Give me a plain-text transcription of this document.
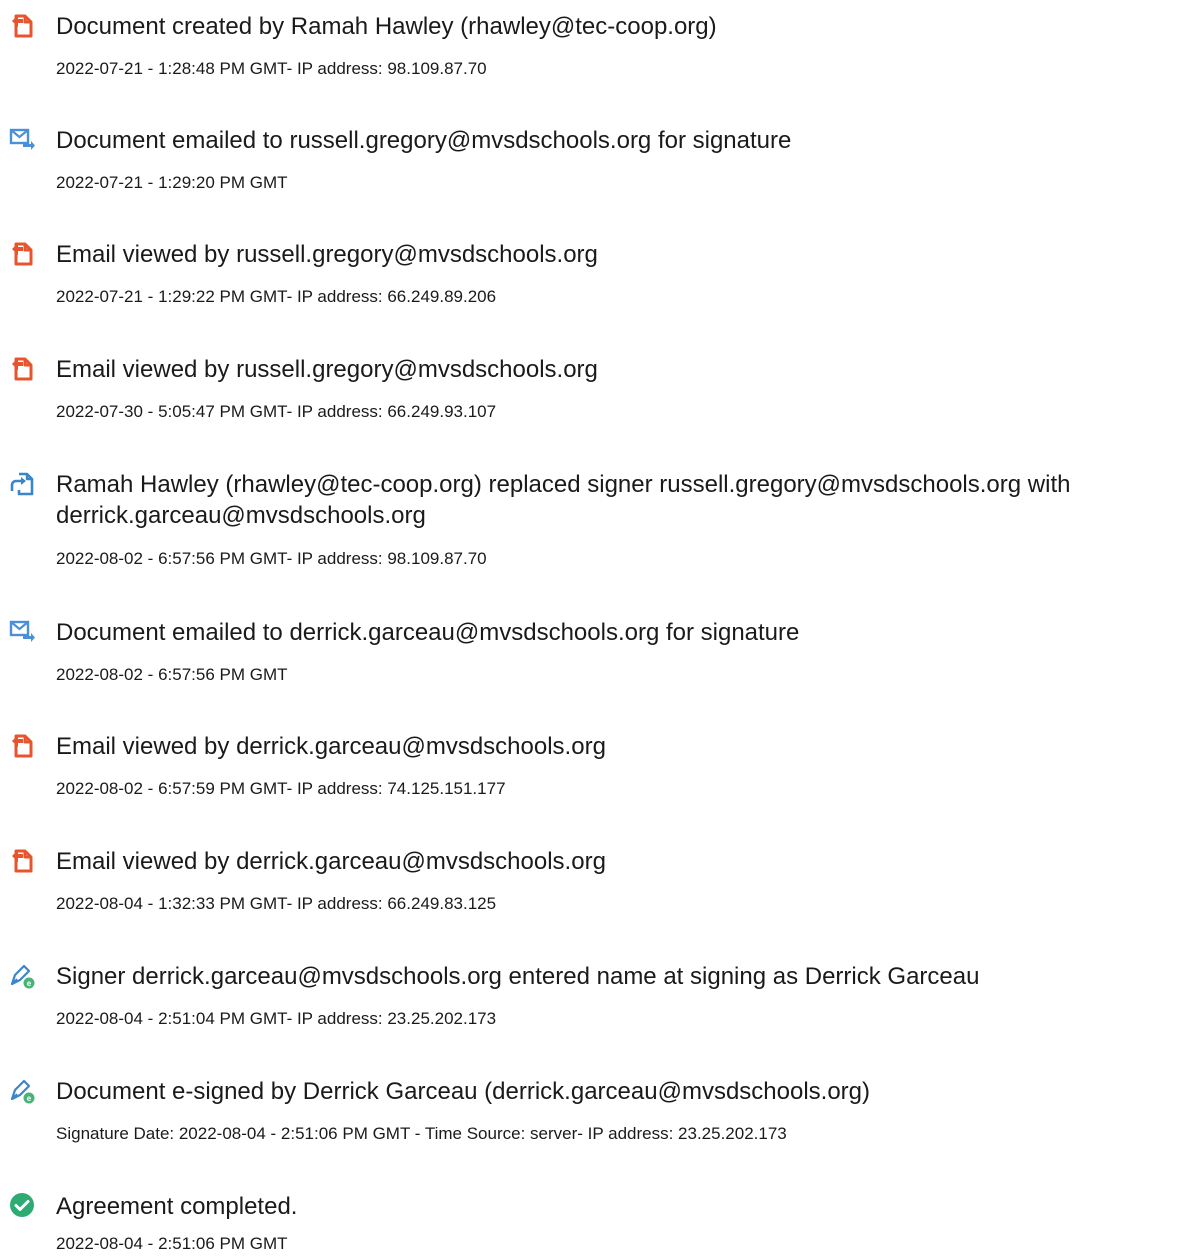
Document created by Ramah Hawley (rhawley@tec-coop.org)
2022-07-21 - 1:28:48 PM GMT- IP address: 98.109.87.70
Document emailed to russell.gregory@mvsdschools.org for signature
2022-07-21 - 1:29:20 PM GMT
Email viewed by russell.gregory@mvsdschools.org
2022-07-21 - 1:29:22 PM GMT- IP address: 66.249.89.206
Email viewed by russell.gregory@mvsdschools.org
2022-07-30 - 5:05:47 PM GMT- IP address: 66.249.93.107
Ramah Hawley (rhawley@tec-coop.org) replaced signer russell.gregory@mvsdschools.org with derrick.garceau@mvsdschools.org
2022-08-02 - 6:57:56 PM GMT- IP address: 98.109.87.70
Document emailed to derrick.garceau@mvsdschools.org for signature
2022-08-02 - 6:57:56 PM GMT
Email viewed by derrick.garceau@mvsdschools.org
2022-08-02 - 6:57:59 PM GMT- IP address: 74.125.151.177
Email viewed by derrick.garceau@mvsdschools.org
2022-08-04 - 1:32:33 PM GMT- IP address: 66.249.83.125
e Signer derrick.garceau@mvsdschools.org entered name at signing as Derrick Garceau
2022-08-04 - 2:51:04 PM GMT- IP address: 23.25.202.173
e Document e-signed by Derrick Garceau (derrick.garceau@mvsdschools.org)
Signature Date: 2022-08-04 - 2:51:06 PM GMT - Time Source: server- IP address: 23.25.202.173
Agreement completed.
2022-08-04 - 2:51:06 PM GMT
